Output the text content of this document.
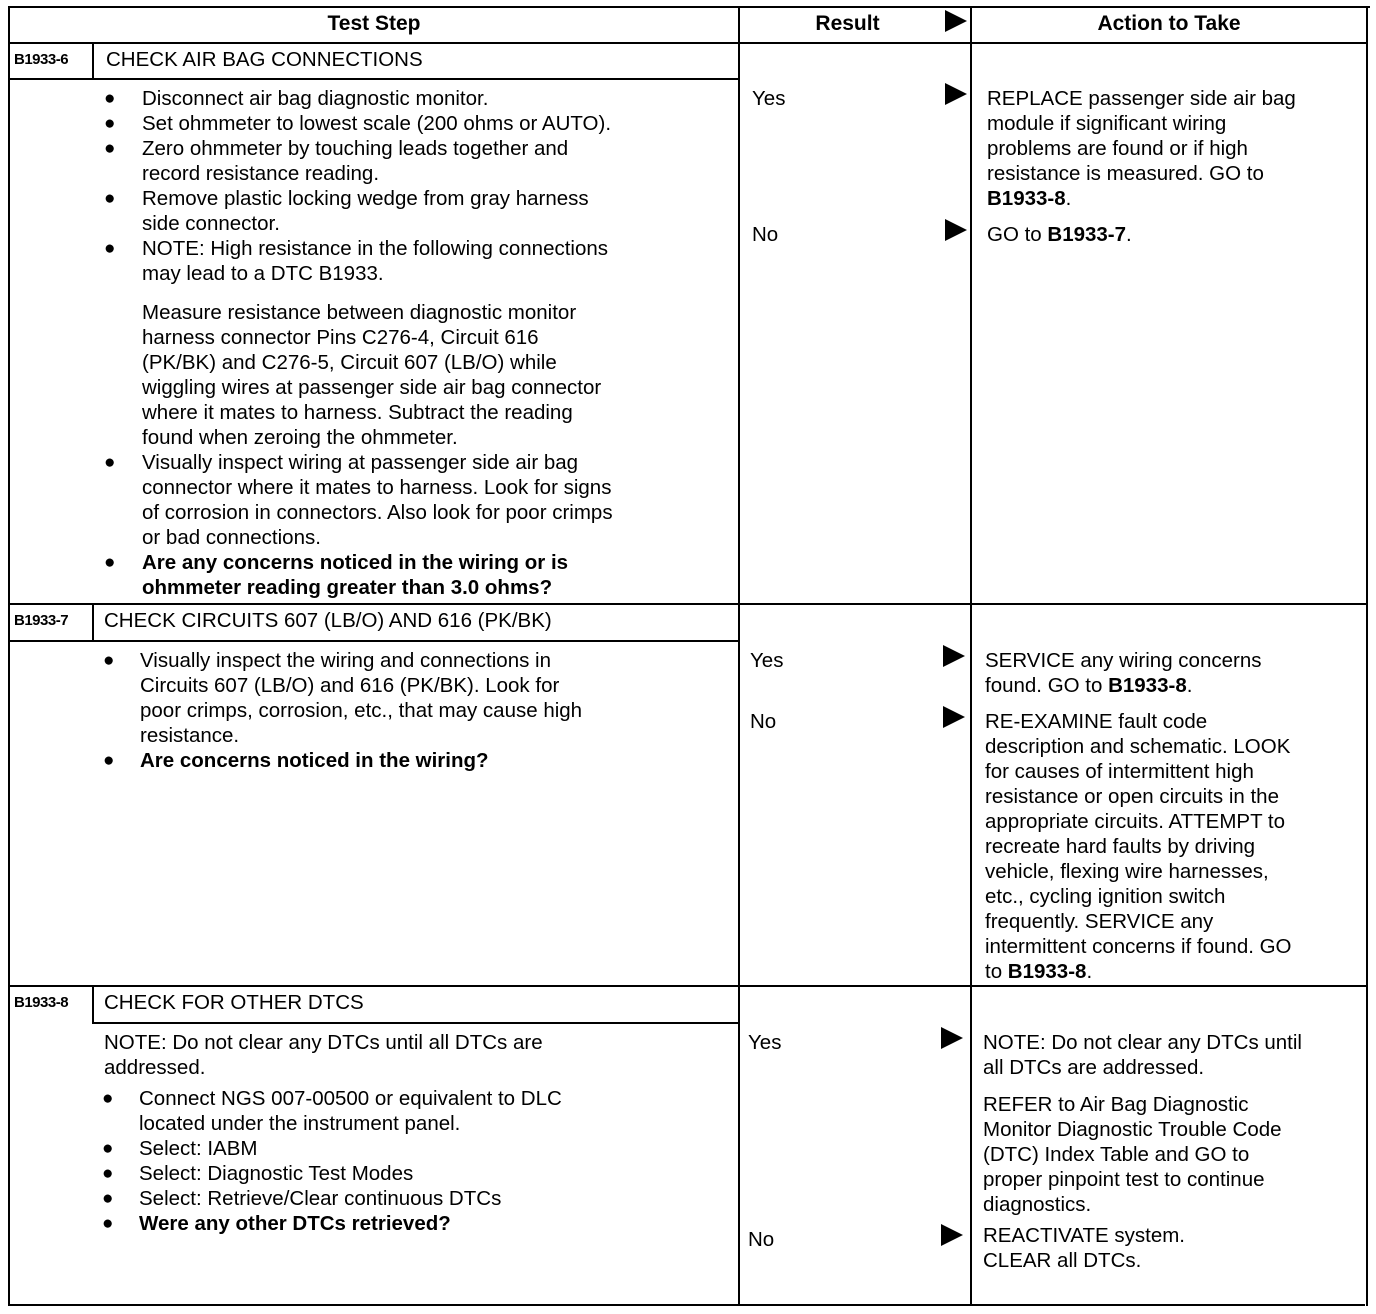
Test Step	Result	Action to Take
B1933-6 CHECK AIR BAG CONNECTIONS
● Disconnect air bag diagnostic monitor.
● Set ohmmeter to lowest scale (200 ohms or AUTO).
● Zero ohmmeter by touching leads together and
record resistance reading.
● Remove plastic locking wedge from gray harness
side connector.
● NOTE: High resistance in the following connections
may lead to a DTC B1933.
Measure resistance between diagnostic monitor
harness connector Pins C276-4, Circuit 616
(PK/BK) and C276-5, Circuit 607 (LB/O) while
wiggling wires at passenger side air bag connector
where it mates to harness. Subtract the reading
found when zeroing the ohmmeter.
● Visually inspect wiring at passenger side air bag
connector where it mates to harness. Look for signs
of corrosion in connectors. Also look for poor crimps
or bad connections.
● Are any concerns noticed in the wiring or is
ohmmeter reading greater than 3.0 ohms?
Yes
No
REPLACE passenger side air bag
module if significant wiring
problems are found or if high
resistance is measured. GO to
B1933-8.
GO to B1933-7.
B1933-7 CHECK CIRCUITS 607 (LB/O) AND 616 (PK/BK)
● Visually inspect the wiring and connections in
Circuits 607 (LB/O) and 616 (PK/BK). Look for
poor crimps, corrosion, etc., that may cause high
resistance.
● Are concerns noticed in the wiring?
Yes
No
SERVICE any wiring concerns
found. GO to B1933-8.
RE-EXAMINE fault code
description and schematic. LOOK
for causes of intermittent high
resistance or open circuits in the
appropriate circuits. ATTEMPT to
recreate hard faults by driving
vehicle, flexing wire harnesses,
etc., cycling ignition switch
frequently. SERVICE any
intermittent concerns if found. GO
to B1933-8.
B1933-8 CHECK FOR OTHER DTCS
NOTE: Do not clear any DTCs until all DTCs are
addressed.
● Connect NGS 007-00500 or equivalent to DLC
located under the instrument panel.
● Select: IABM
● Select: Diagnostic Test Modes
● Select: Retrieve/Clear continuous DTCs
● Were any other DTCs retrieved?
Yes
No
NOTE: Do not clear any DTCs until
all DTCs are addressed.
REFER to Air Bag Diagnostic
Monitor Diagnostic Trouble Code
(DTC) Index Table and GO to
proper pinpoint test to continue
diagnostics.
REACTIVATE system.
CLEAR all DTCs.
